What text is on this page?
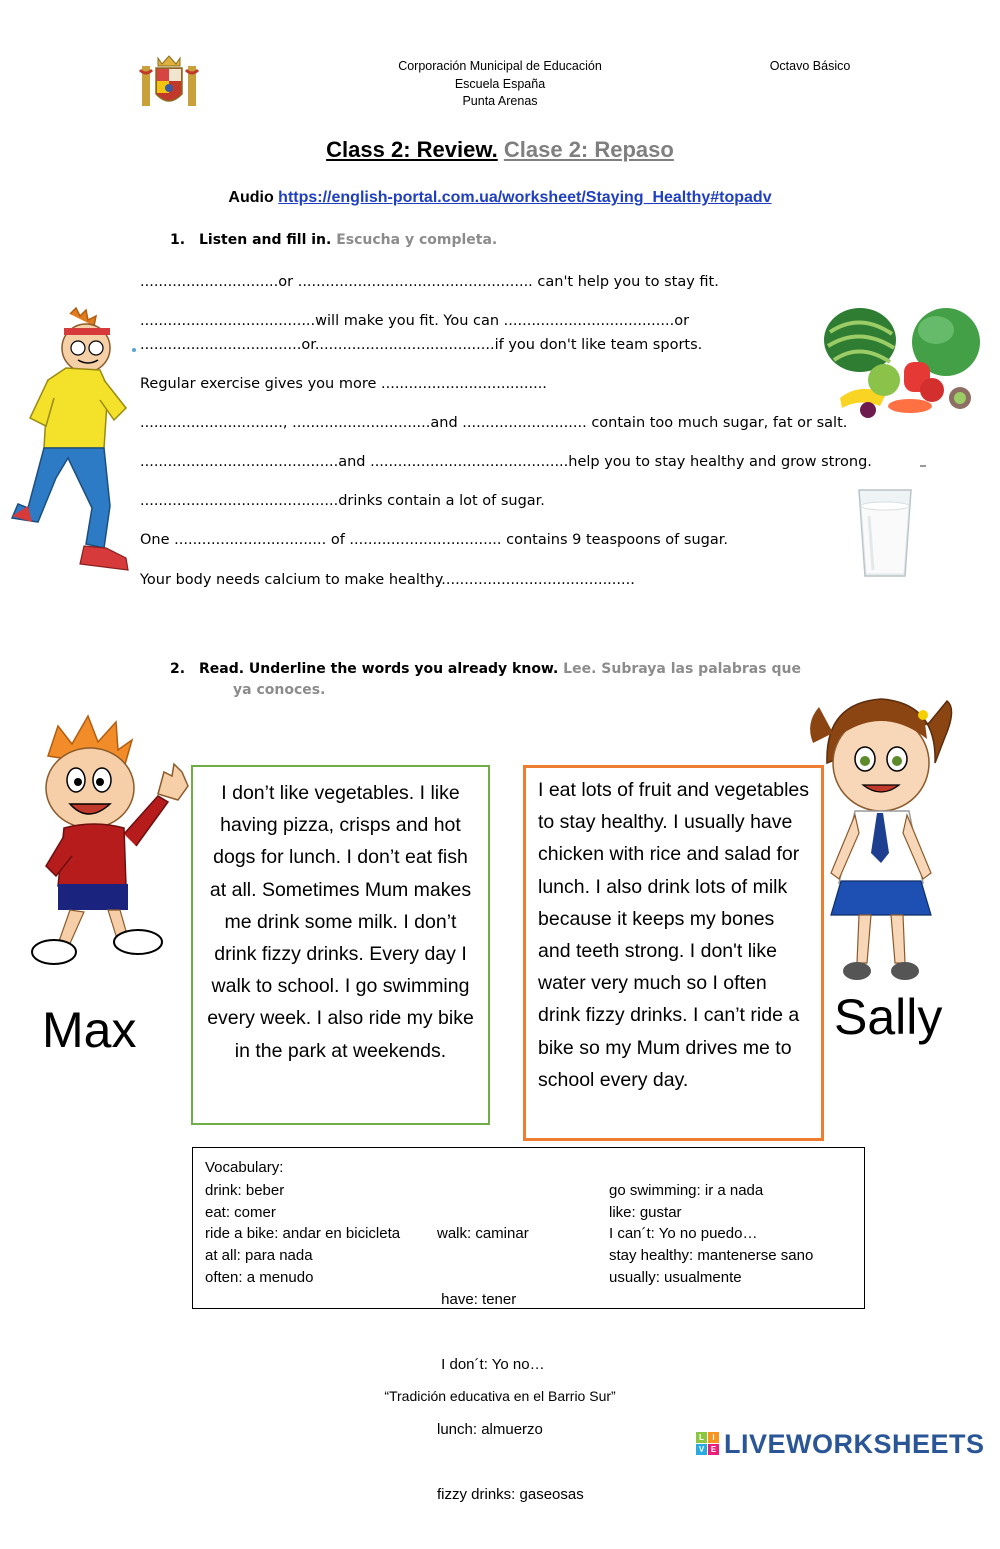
Corporación Municipal de Educación
Escuela España
Punta Arenas
Octavo Básico
Class 2: Review. Clase 2: Repaso
Audio https://english-portal.com.ua/worksheet/Staying_Healthy#topadv
1. Listen and fill in. Escucha y completa.
..............................or ................................................... can't help you to stay fit.
......................................will make you fit. You can .....................................or
...................................or.......................................if you don't like team sports.
Regular exercise gives you more ....................................
..............................., ..............................and ........................... contain too much sugar, fat or salt.
...........................................and ...........................................help you to stay healthy and grow strong.
...........................................drinks contain a lot of sugar.
One ................................. of ................................. contains 9 teaspoons of sugar.
Your body needs calcium to make healthy..........................................
2. Read. Underline the words you already know. Lee. Subraya las palabras que
ya conoces.
Max
I don’t like vegetables. I like having pizza, crisps and hot dogs for lunch. I don’t eat fish at all. Sometimes Mum makes me drink some milk. I don’t drink fizzy drinks. Every day I walk to school. I go swimming every week. I also ride my bike in the park at weekends.
I eat lots of fruit and vegetables to stay healthy. I usually have chicken with rice and salad for lunch. I also drink lots of milk because it keeps my bones and teeth strong. I don't like water very much so I often drink fizzy drinks. I can’t ride a bike so my Mum drives me to school every day.
Sally
Vocabulary:
drink: beber
eat: comer
ride a bike: andar en bicicleta
at all: para nada
often: a menudo

walk: caminar

have: tener

I don´t: Yo no…

lunch: almuerzo

fizzy drinks: gaseosas

go swimming: ir a nada
like: gustar
I can´t: Yo no puedo…
stay healthy: mantenerse sano
usually: usualmente
“Tradición educativa en el Barrio Sur”
L	I
V E LIVEWORKSHEETS
